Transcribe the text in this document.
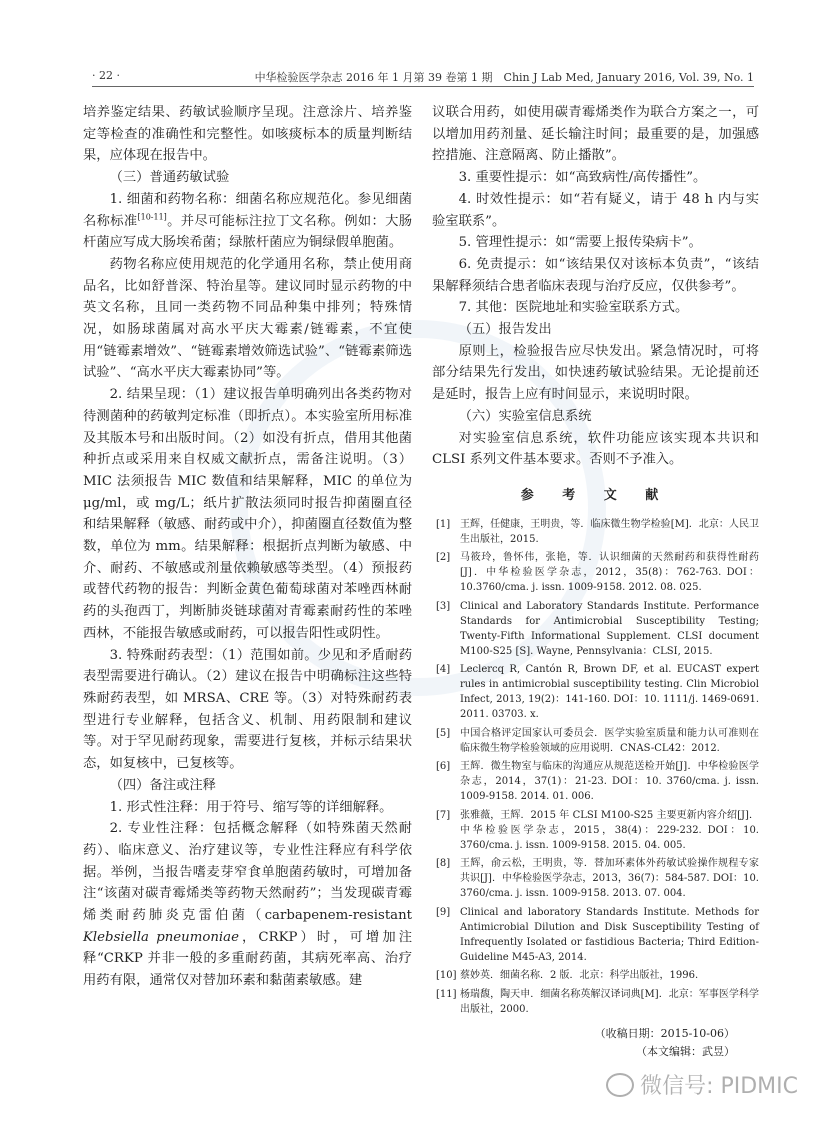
· 22 ·	中华检验医学杂志 2016 年 1 月第 39 卷第 1 期　Chin J Lab Med, January 2016, Vol. 39, No. 1

培养鉴定结果、药敏试验顺序呈现。注意涂片、培养鉴定等检查的准确性和完整性。如咳痰标本的质量判断结果，应体现在报告中。

（三）普通药敏试验

1. 细菌和药物名称：细菌名称应规范化。参见细菌名称标准[10-11]。并尽可能标注拉丁文名称。例如：大肠杆菌应写成大肠埃希菌；绿脓杆菌应为铜绿假单胞菌。

药物名称应使用规范的化学通用名称，禁止使用商品名，比如舒普深、特治星等。建议同时显示药物的中英文名称，且同一类药物不同品种集中排列；特殊情况，如肠球菌属对高水平庆大霉素/链霉素，不宜使用“链霉素增效”、“链霉素增效筛选试验”、“链霉素筛选试验”、“高水平庆大霉素协同”等。

2. 结果呈现：（1）建议报告单明确列出各类药物对待测菌种的药敏判定标准（即折点）。本实验室所用标准及其版本号和出版时间。（2）如没有折点，借用其他菌种折点或采用来自权威文献折点，需备注说明。（3）MIC 法须报告 MIC 数值和结果解释，MIC 的单位为 μg/ml，或 mg/L；纸片扩散法须同时报告抑菌圈直径和结果解释（敏感、耐药或中介），抑菌圈直径数值为整数，单位为 mm。结果解释：根据折点判断为敏感、中介、耐药、不敏感或剂量依赖敏感等类型。（4）预报药或替代药物的报告：判断金黄色葡萄球菌对苯唑西林耐药的头孢西丁，判断肺炎链球菌对青霉素耐药性的苯唑西林，不能报告敏感或耐药，可以报告阳性或阴性。

3. 特殊耐药表型：（1）范围如前。少见和矛盾耐药表型需要进行确认。（2）建议在报告中明确标注这些特殊耐药表型，如 MRSA、CRE 等。（3）对特殊耐药表型进行专业解释，包括含义、机制、用药限制和建议等。对于罕见耐药现象，需要进行复核，并标示结果状态，如复核中，已复核等。

（四）备注或注释

1. 形式性注释：用于符号、缩写等的详细解释。

2. 专业性注释：包括概念解释（如特殊菌天然耐药）、临床意义、治疗建议等，专业性注释应有科学依据。举例，当报告嗜麦芽窄食单胞菌药敏时，可增加备注“该菌对碳青霉烯类等药物天然耐药”；当发现碳青霉烯类耐药肺炎克雷伯菌（carbapenem-resistant Klebsiella pneumoniae，CRKP）时，可增加注释“CRKP 并非一般的多重耐药菌，其病死率高、治疗用药有限，通常仅对替加环素和黏菌素敏感。建

议联合用药，如使用碳青霉烯类作为联合方案之一，可以增加用药剂量、延长输注时间；最重要的是，加强感控措施、注意隔离、防止播散”。

3. 重要性提示：如“高致病性/高传播性”。

4. 时效性提示：如“若有疑义，请于 48 h 内与实验室联系”。

5. 管理性提示：如“需要上报传染病卡”。

6. 免责提示：如“该结果仅对该标本负责”，“该结果解释须结合患者临床表现与治疗反应，仅供参考”。

7. 其他：医院地址和实验室联系方式。

（五）报告发出

原则上，检验报告应尽快发出。紧急情况时，可将部分结果先行发出，如快速药敏试验结果。无论提前还是延时，报告上应有时间显示，来说明时限。

（六）实验室信息系统

对实验室信息系统，软件功能应该实现本共识和 CLSI 系列文件基本要求。否则不予准入。

参 考 文 献
[1] 王辉，任健康，王明贵，等．临床微生物学检验[M]．北京：人民卫生出版社，2015.
[2] 马筱玲，鲁怀伟，张艳，等．认识细菌的天然耐药和获得性耐药[J]．中华检验医学杂志，2012，35(8)：762-763. DOI：10.3760/cma. j. issn. 1009-9158. 2012. 08. 025.
[3] Clinical and Laboratory Standards Institute. Performance Standards for Antimicrobial Susceptibility Testing; Twenty-Fifth Informational Supplement. CLSI document M100-S25 [S]. Wayne, Pennsylvania：CLSI, 2015.
[4] Leclercq R, Cantón R, Brown DF, et al. EUCAST expert rules in antimicrobial susceptibility testing. Clin Microbiol Infect, 2013, 19(2)：141-160. DOI：10. 1111/j. 1469-0691. 2011. 03703. x.
[5] 中国合格评定国家认可委员会．医学实验室质量和能力认可准则在临床微生物学检验领域的应用说明．CNAS-CL42：2012.
[6] 王辉．微生物室与临床的沟通应从规范送检开始[J]．中华检验医学杂志，2014，37(1)：21-23. DOI：10. 3760/cma. j. issn. 1009-9158. 2014. 01. 006.
[7] 张雅薇，王辉．2015 年 CLSI M100-S25 主要更新内容介绍[J]．中华检验医学杂志，2015，38(4)：229-232. DOI：10. 3760/cma. j. issn. 1009-9158. 2015. 04. 005.
[8] 王辉，俞云松，王明贵，等．替加环素体外药敏试验操作规程专家共识[J]．中华检验医学杂志，2013，36(7)：584-587. DOI：10. 3760/cma. j. issn. 1009-9158. 2013. 07. 004.
[9] Clinical and laboratory Standards Institute. Methods for Antimicrobial Dilution and Disk Susceptibility Testing of Infrequently Isolated or fastidious Bacteria; Third Edition-Guideline M45-A3, 2014.
[10] 蔡妙英．细菌名称．2 版．北京：科学出版社，1996.
[11] 杨瑞馥，陶天申．细菌名称英解汉译词典[M]．北京：军事医学科学出版社，2000.
（收稿日期：2015-10-06）
（本文编辑：武昱）
微信号: PIDMIC
